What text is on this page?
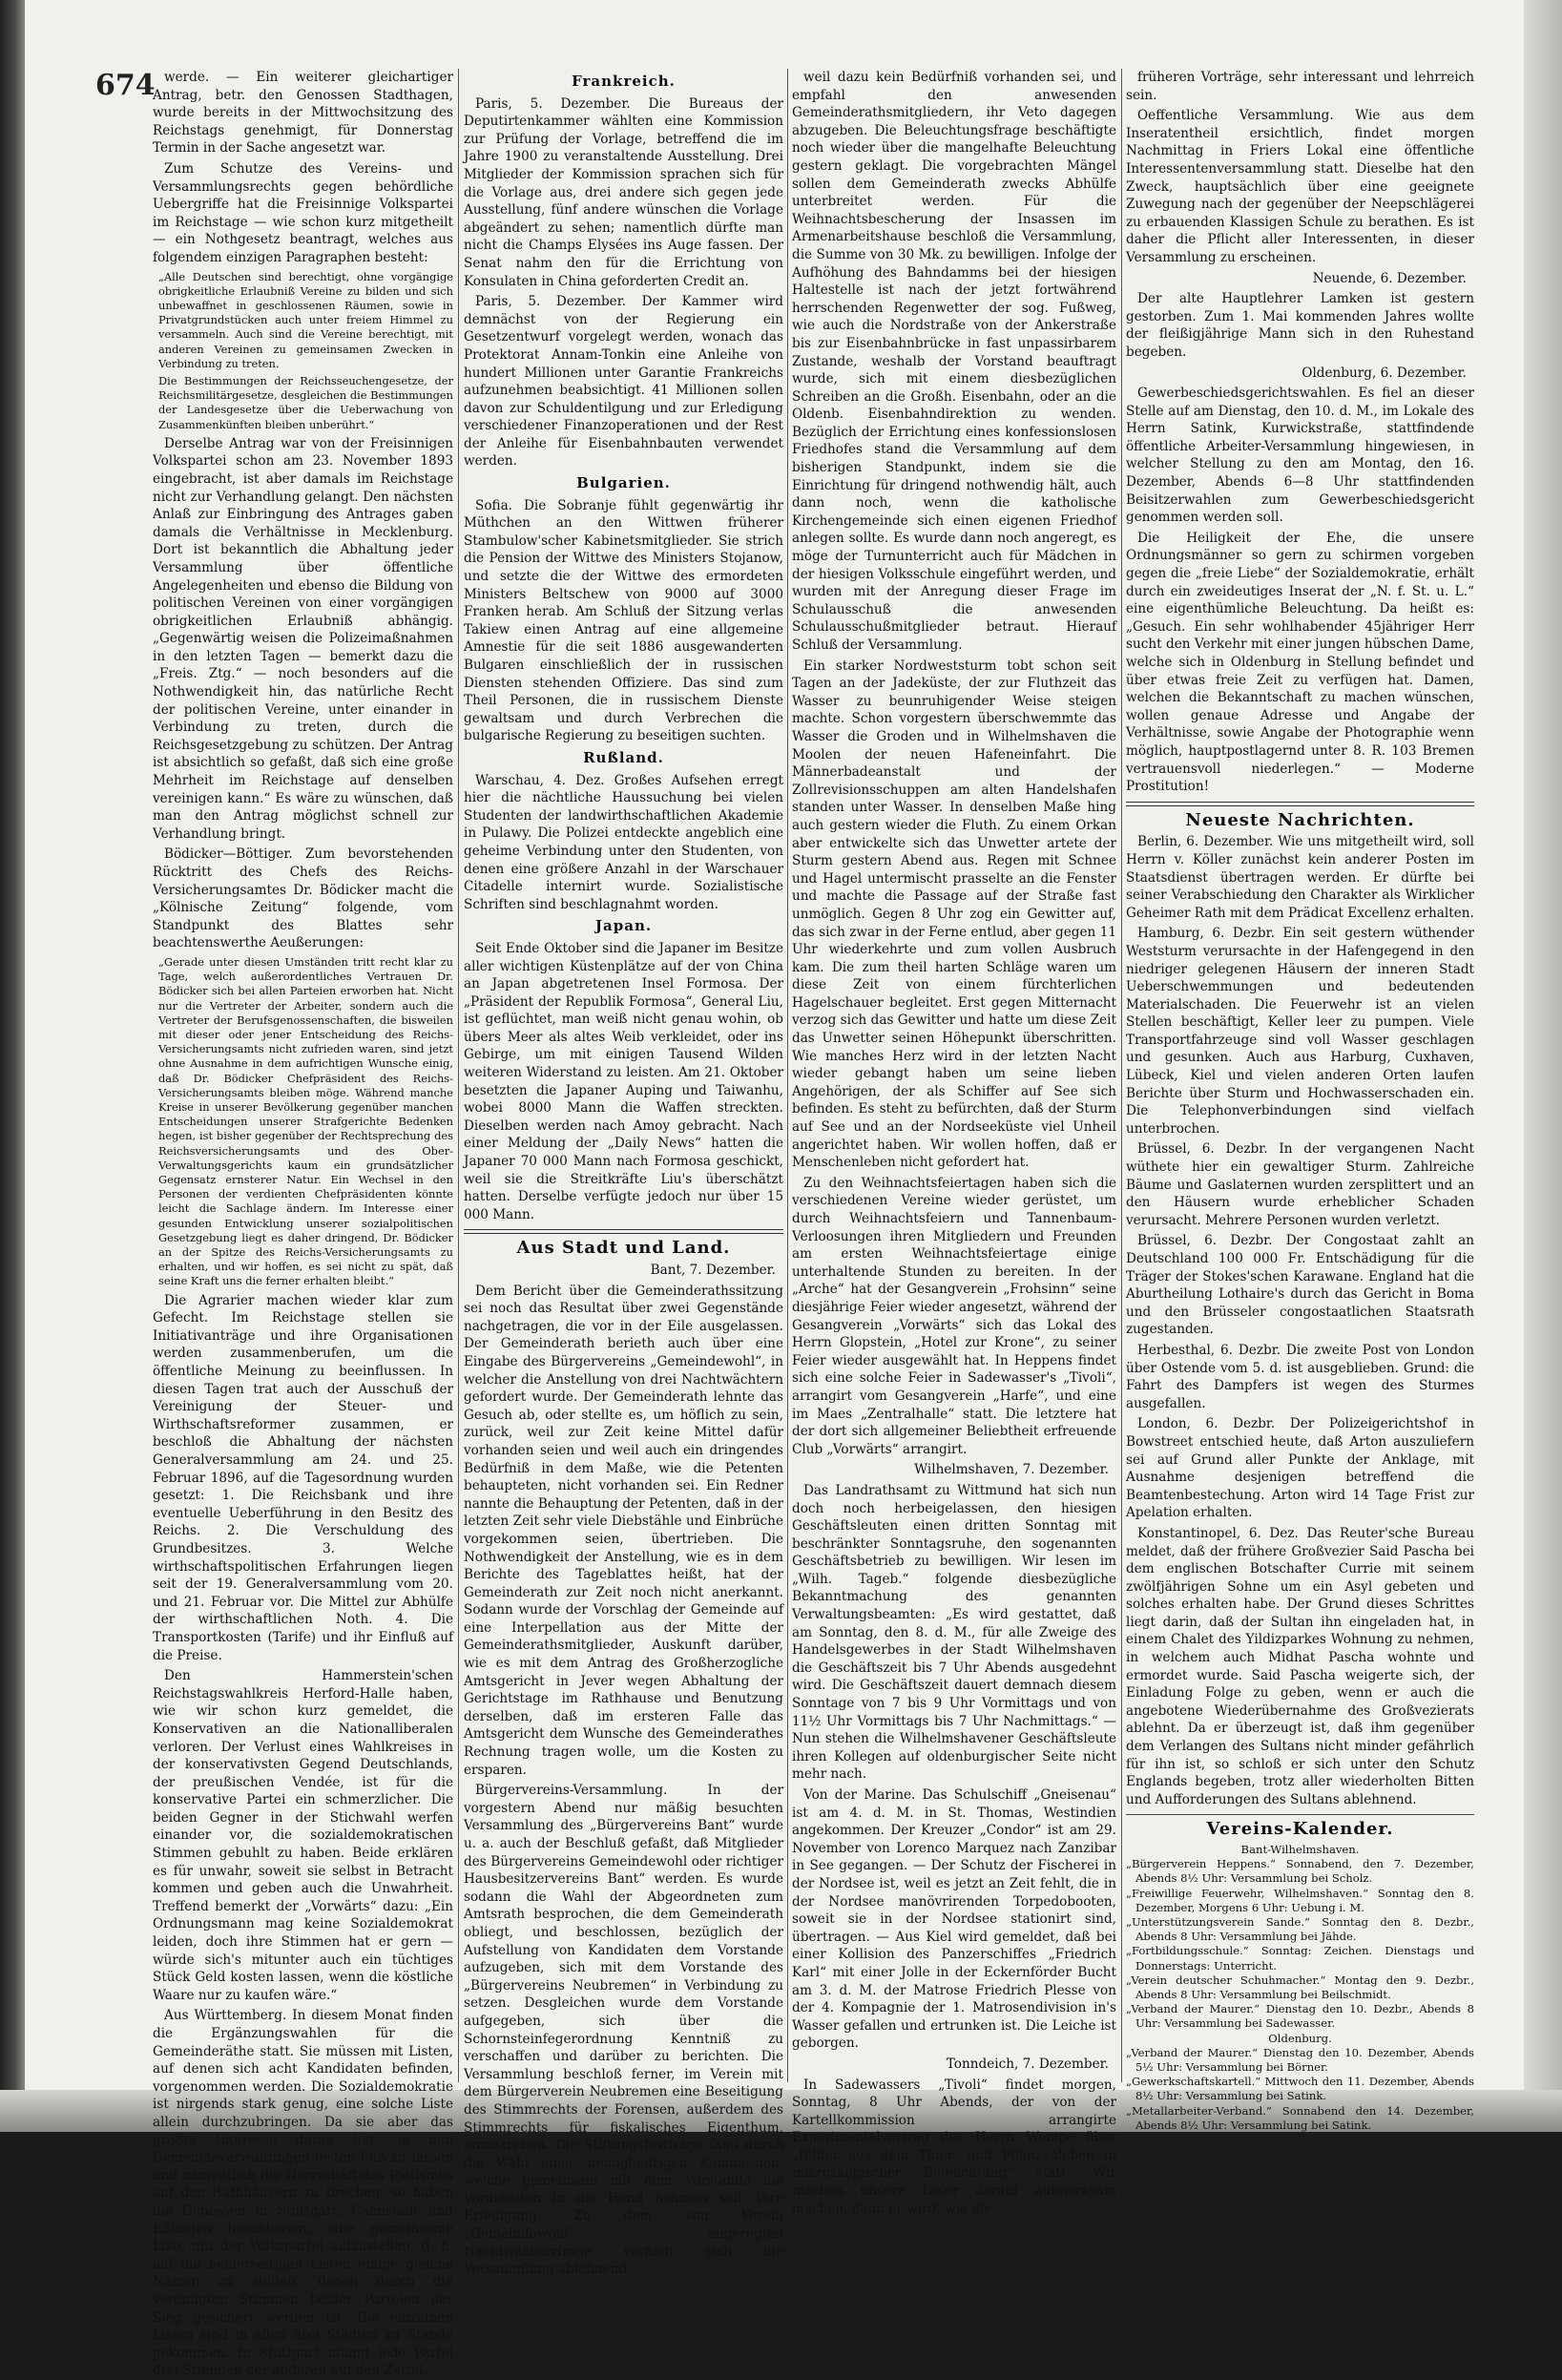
674 werde. — Ein weiterer gleichartiger Antrag, betr. den Genossen Stadthagen, wurde bereits in der Mittwochsitzung des Reichstags genehmigt, für Donnerstag Termin in der Sache angesetzt war.
Zum Schutze des Vereins- und Versammlungsrechts gegen behördliche Uebergriffe hat die Freisinnige Volkspartei im Reichstage — wie schon kurz mitgetheilt — ein Nothgesetz beantragt, welches aus folgendem einzigen Paragraphen besteht:
„Alle Deutschen sind berechtigt, ohne vorgängige obrigkeitliche Erlaubniß Vereine zu bilden und sich unbewaffnet in geschlossenen Räumen, sowie in Privatgrundstücken auch unter freiem Himmel zu versammeln. Auch sind die Vereine berechtigt, mit anderen Vereinen zu gemeinsamen Zwecken in Verbindung zu treten.
Die Bestimmungen der Reichsseuchengesetze, der Reichsmilitärgesetze, desgleichen die Bestimmungen der Landesgesetze über die Ueberwachung von Zusammenkünften bleiben unberührt.“
Derselbe Antrag war von der Freisinnigen Volkspartei schon am 23. November 1893 eingebracht, ist aber damals im Reichstage nicht zur Verhandlung gelangt. Den nächsten Anlaß zur Einbringung des Antrages gaben damals die Verhältnisse in Mecklenburg. Dort ist bekanntlich die Abhaltung jeder Versammlung über öffentliche Angelegenheiten und ebenso die Bildung von politischen Vereinen von einer vorgängigen obrigkeitlichen Erlaubniß abhängig. „Gegenwärtig weisen die Polizeimaßnahmen in den letzten Tagen — bemerkt dazu die „Freis. Ztg.“ — noch besonders auf die Nothwendigkeit hin, das natürliche Recht der politischen Vereine, unter einander in Verbindung zu treten, durch die Reichsgesetzgebung zu schützen. Der Antrag ist absichtlich so gefaßt, daß sich eine große Mehrheit im Reichstage auf denselben vereinigen kann.“ Es wäre zu wünschen, daß man den Antrag möglichst schnell zur Verhandlung bringt.
Bödicker—Böttiger. Zum bevorstehenden Rücktritt des Chefs des Reichs-Versicherungsamtes Dr. Bödicker macht die „Kölnische Zeitung“ folgende, vom Standpunkt des Blattes sehr beachtenswerthe Aeußerungen:
„Gerade unter diesen Umständen tritt recht klar zu Tage, welch außerordentliches Vertrauen Dr. Bödicker sich bei allen Parteien erworben hat. Nicht nur die Vertreter der Arbeiter, sondern auch die Vertreter der Berufsgenossenschaften, die bisweilen mit dieser oder jener Entscheidung des Reichs-Versicherungsamts nicht zufrieden waren, sind jetzt ohne Ausnahme in dem aufrichtigen Wunsche einig, daß Dr. Bödicker Chefpräsident des Reichs-Versicherungsamts bleiben möge. Während manche Kreise in unserer Bevölkerung gegenüber manchen Entscheidungen unserer Strafgerichte Bedenken hegen, ist bisher gegenüber der Rechtsprechung des Reichsversicherungsamts und des Ober-Verwaltungsgerichts kaum ein grundsätzlicher Gegensatz ernsterer Natur. Ein Wechsel in den Personen der verdienten Chefpräsidenten könnte leicht die Sachlage ändern. Im Interesse einer gesunden Entwicklung unserer sozialpolitischen Gesetzgebung liegt es daher dringend, Dr. Bödicker an der Spitze des Reichs-Versicherungsamts zu erhalten, und wir hoffen, es sei nicht zu spät, daß seine Kraft uns die ferner erhalten bleibt.“
Die Agrarier machen wieder klar zum Gefecht. Im Reichstage stellen sie Initiativanträge und ihre Organisationen werden zusammenberufen, um die öffentliche Meinung zu beeinflussen. In diesen Tagen trat auch der Ausschuß der Vereinigung der Steuer- und Wirthschaftsreformer zusammen, er beschloß die Abhaltung der nächsten Generalversammlung am 24. und 25. Februar 1896, auf die Tagesordnung wurden gesetzt: 1. Die Reichsbank und ihre eventuelle Ueberführung in den Besitz des Reichs. 2. Die Verschuldung des Grundbesitzes. 3. Welche wirthschaftspolitischen Erfahrungen liegen seit der 19. Generalversammlung vom 20. und 21. Februar vor. Die Mittel zur Abhülfe der wirthschaftlichen Noth. 4. Die Transportkosten (Tarife) und ihr Einfluß auf die Preise.
Den Hammerstein'schen Reichstagswahlkreis Herford-Halle haben, wie wir schon kurz gemeldet, die Konservativen an die Nationalliberalen verloren. Der Verlust eines Wahlkreises in der konservativsten Gegend Deutschlands, der preußischen Vendée, ist für die konservative Partei ein schmerzlicher. Die beiden Gegner in der Stichwahl werfen einander vor, die sozialdemokratischen Stimmen gebuhlt zu haben. Beide erklären es für unwahr, soweit sie selbst in Betracht kommen und geben auch die Unwahrheit. Treffend bemerkt der „Vorwärts“ dazu: „Ein Ordnungsmann mag keine Sozialdemokrat leiden, doch ihre Stimmen hat er gern — würde sich's mitunter auch ein tüchtiges Stück Geld kosten lassen, wenn die köstliche Waare nur zu kaufen wäre.“
Aus Württemberg. In diesem Monat finden die Ergänzungswahlen für die Gemeinderäthe statt. Sie müssen mit Listen, auf denen sich acht Kandidaten befinden, vorgenommen werden. Die Sozialdemokratie ist nirgends stark genug, eine solche Liste allein durchzubringen. Da sie aber das größte Interesse daran hat, in den Gemeindeverwaltungen festen Fuß zu fassen und namentlich die Herrschaft des Pietismus auf den Rathhäusern zu brechen, so haben die Genossen in Stuttgart, Cannstadt und Eßlingen beschlossen, eine gemeinsame Liste mit der Volkspartei aufzustellen, d. h. auf die beiderseitigen Listen einige gleiche Namen zu stellen, denen durch die vereinigten Stimmen beider Parteien der Sieg gesichert werden ist. Die einzelnen Listen sind in allen drei Städten zu Stande gekommen. In Stuttgart nimmt jede Partei drei Stimmen der anderen auf den Zettel.
Frankreich.
Paris, 5. Dezember. Die Bureaus der Deputirtenkammer wählten eine Kommission zur Prüfung der Vorlage, betreffend die im Jahre 1900 zu veranstaltende Ausstellung. Drei Mitglieder der Kommission sprachen sich für die Vorlage aus, drei andere sich gegen jede Ausstellung, fünf andere wünschen die Vorlage abgeändert zu sehen; namentlich dürfte man nicht die Champs Elysées ins Auge fassen. Der Senat nahm den für die Errichtung von Konsulaten in China geforderten Credit an.
Paris, 5. Dezember. Der Kammer wird demnächst von der Regierung ein Gesetzentwurf vorgelegt werden, wonach das Protektorat Annam-Tonkin eine Anleihe von hundert Millionen unter Garantie Frankreichs aufzunehmen beabsichtigt. 41 Millionen sollen davon zur Schuldentilgung und zur Erledigung verschiedener Finanzoperationen und der Rest der Anleihe für Eisenbahnbauten verwendet werden.
Bulgarien.
Sofia. Die Sobranje fühlt gegenwärtig ihr Müthchen an den Wittwen früherer Stambulow'scher Kabinetsmitglieder. Sie strich die Pension der Wittwe des Ministers Stojanow, und setzte die der Wittwe des ermordeten Ministers Beltschew von 9000 auf 3000 Franken herab. Am Schluß der Sitzung verlas Takiew einen Antrag auf eine allgemeine Amnestie für die seit 1886 ausgewanderten Bulgaren einschließlich der in russischen Diensten stehenden Offiziere. Das sind zum Theil Personen, die in russischem Dienste gewaltsam und durch Verbrechen die bulgarische Regierung zu beseitigen suchten.
Rußland.
Warschau, 4. Dez. Großes Aufsehen erregt hier die nächtliche Haussuchung bei vielen Studenten der landwirthschaftlichen Akademie in Pulawy. Die Polizei entdeckte angeblich eine geheime Verbindung unter den Studenten, von denen eine größere Anzahl in der Warschauer Citadelle internirt wurde. Sozialistische Schriften sind beschlagnahmt worden.
Japan.
Seit Ende Oktober sind die Japaner im Besitze aller wichtigen Küstenplätze auf der von China an Japan abgetretenen Insel Formosa. Der „Präsident der Republik Formosa“, General Liu, ist geflüchtet, man weiß nicht genau wohin, ob übers Meer als altes Weib verkleidet, oder ins Gebirge, um mit einigen Tausend Wilden weiteren Widerstand zu leisten. Am 21. Oktober besetzten die Japaner Auping und Taiwanhu, wobei 8000 Mann die Waffen streckten. Dieselben werden nach Amoy gebracht. Nach einer Meldung der „Daily News“ hatten die Japaner 70 000 Mann nach Formosa geschickt, weil sie die Streitkräfte Liu's überschätzt hatten. Derselbe verfügte jedoch nur über 15 000 Mann.
Aus Stadt und Land.
Bant, 7. Dezember.
Dem Bericht über die Gemeinderathssitzung sei noch das Resultat über zwei Gegenstände nachgetragen, die vor in der Eile ausgelassen. Der Gemeinderath berieth auch über eine Eingabe des Bürgervereins „Gemeindewohl“, in welcher die Anstellung von drei Nachtwächtern gefordert wurde. Der Gemeinderath lehnte das Gesuch ab, oder stellte es, um höflich zu sein, zurück, weil zur Zeit keine Mittel dafür vorhanden seien und weil auch ein dringendes Bedürfniß in dem Maße, wie die Petenten behaupteten, nicht vorhanden sei. Ein Redner nannte die Behauptung der Petenten, daß in der letzten Zeit sehr viele Diebstähle und Einbrüche vorgekommen seien, übertrieben. Die Nothwendigkeit der Anstellung, wie es in dem Berichte des Tageblattes heißt, hat der Gemeinderath zur Zeit noch nicht anerkannt. Sodann wurde der Vorschlag der Gemeinde auf eine Interpellation aus der Mitte der Gemeinderathsmitglieder, Auskunft darüber, wie es mit dem Antrag des Großherzogliche Amtsgericht in Jever wegen Abhaltung der Gerichtstage im Rathhause und Benutzung derselben, daß im ersteren Falle das Amtsgericht dem Wunsche des Gemeinderathes Rechnung tragen wolle, um die Kosten zu ersparen.
Bürgervereins-Versammlung. In der vorgestern Abend nur mäßig besuchten Versammlung des „Bürgervereins Bant“ wurde u. a. auch der Beschluß gefaßt, daß Mitglieder des Bürgervereins Gemeindewohl oder richtiger Hausbesitzervereins Bant“ werden. Es wurde sodann die Wahl der Abgeordneten zum Amtsrath besprochen, die dem Gemeinderath obliegt, und beschlossen, bezüglich der Aufstellung von Kandidaten dem Vorstande aufzugeben, sich mit dem Vorstande des „Bürgervereins Neubremen“ in Verbindung zu setzen. Desgleichen wurde dem Vorstande aufgegeben, sich über die Schornsteinfegerordnung Kenntniß zu verschaffen und darüber zu berichten. Die Versammlung beschloß ferner, im Verein mit dem Bürgerverein Neubremen eine Beseitigung des Stimmrechts der Forensen, außerdem des Stimmrechts für fiskalisches Eigenthum, anzustreben. Die Stiftungsfestfrage fand durch die Wahl einer neungliedrigen Kommission, welche gemeinsam mit dem Vorstande die Vorarbeiten in die Hand nehmen soll, ihre Erledigung. Zu dem von Verein „Gemeindewohl“ angeregten Nachtwächterfrage verhielt sich die Versammlung ablehnend.
weil dazu kein Bedürfniß vorhanden sei, und empfahl den anwesenden Gemeinderathsmitgliedern, ihr Veto dagegen abzugeben. Die Beleuchtungsfrage beschäftigte noch wieder über die mangelhafte Beleuchtung gestern geklagt. Die vorgebrachten Mängel sollen dem Gemeinderath zwecks Abhülfe unterbreitet werden. Für die Weihnachtsbescherung der Insassen im Armenarbeitshause beschloß die Versammlung, die Summe von 30 Mk. zu bewilligen. Infolge der Aufhöhung des Bahndamms bei der hiesigen Haltestelle ist nach der jetzt fortwährend herrschenden Regenwetter der sog. Fußweg, wie auch die Nordstraße von der Ankerstraße bis zur Eisenbahnbrücke in fast unpassirbarem Zustande, weshalb der Vorstand beauftragt wurde, sich mit einem diesbezüglichen Schreiben an die Großh. Eisenbahn, oder an die Oldenb. Eisenbahndirektion zu wenden. Bezüglich der Errichtung eines konfessionslosen Friedhofes stand die Versammlung auf dem bisherigen Standpunkt, indem sie die Einrichtung für dringend nothwendig hält, auch dann noch, wenn die katholische Kirchengemeinde sich einen eigenen Friedhof anlegen sollte. Es wurde dann noch angeregt, es möge der Turnunterricht auch für Mädchen in der hiesigen Volksschule eingeführt werden, und wurden mit der Anregung dieser Frage im Schulausschuß die anwesenden Schulausschußmitglieder betraut. Hierauf Schluß der Versammlung.
Ein starker Nordweststurm tobt schon seit Tagen an der Jadeküste, der zur Fluthzeit das Wasser zu beunruhigender Weise steigen machte. Schon vorgestern überschwemmte das Wasser die Groden und in Wilhelmshaven die Moolen der neuen Hafeneinfahrt. Die Männerbadeanstalt und der Zollrevisionsschuppen am alten Handelshafen standen unter Wasser. In denselben Maße hing auch gestern wieder die Fluth. Zu einem Orkan aber entwickelte sich das Unwetter artete der Sturm gestern Abend aus. Regen mit Schnee und Hagel untermischt prasselte an die Fenster und machte die Passage auf der Straße fast unmöglich. Gegen 8 Uhr zog ein Gewitter auf, das sich zwar in der Ferne entlud, aber gegen 11 Uhr wiederkehrte und zum vollen Ausbruch kam. Die zum theil harten Schläge waren um diese Zeit von einem fürchterlichen Hagelschauer begleitet. Erst gegen Mitternacht verzog sich das Gewitter und hatte um diese Zeit das Unwetter seinen Höhepunkt überschritten. Wie manches Herz wird in der letzten Nacht wieder gebangt haben um seine lieben Angehörigen, der als Schiffer auf See sich befinden. Es steht zu befürchten, daß der Sturm auf See und an der Nordseeküste viel Unheil angerichtet haben. Wir wollen hoffen, daß er Menschenleben nicht gefordert hat.
Zu den Weihnachtsfeiertagen haben sich die verschiedenen Vereine wieder gerüstet, um durch Weihnachtsfeiern und Tannenbaum-Verloosungen ihren Mitgliedern und Freunden am ersten Weihnachtsfeiertage einige unterhaltende Stunden zu bereiten. In der „Arche“ hat der Gesangverein „Frohsinn“ seine diesjährige Feier wieder angesetzt, während der Gesangverein „Vorwärts“ sich das Lokal des Herrn Glopstein, „Hotel zur Krone“, zu seiner Feier wieder ausgewählt hat. In Heppens findet sich eine solche Feier in Sadewasser's „Tivoli“, arrangirt vom Gesangverein „Harfe“, und eine im Maes „Zentralhalle“ statt. Die letztere hat der dort sich allgemeiner Beliebtheit erfreuende Club „Vorwärts“ arrangirt.
Wilhelmshaven, 7. Dezember.
Das Landrathsamt zu Wittmund hat sich nun doch noch herbeigelassen, den hiesigen Geschäftsleuten einen dritten Sonntag mit beschränkter Sonntagsruhe, den sogenannten Geschäftsbetrieb zu bewilligen. Wir lesen im „Wilh. Tageb.“ folgende diesbezügliche Bekanntmachung des genannten Verwaltungsbeamten: „Es wird gestattet, daß am Sonntag, den 8. d. M., für alle Zweige des Handelsgewerbes in der Stadt Wilhelmshaven die Geschäftszeit bis 7 Uhr Abends ausgedehnt wird. Die Geschäftszeit dauert demnach diesem Sonntage von 7 bis 9 Uhr Vormittags und von 11½ Uhr Vormittags bis 7 Uhr Nachmittags.“ — Nun stehen die Wilhelmshavener Geschäftsleute ihren Kollegen auf oldenburgischer Seite nicht mehr nach.
Von der Marine. Das Schulschiff „Gneisenau“ ist am 4. d. M. in St. Thomas, Westindien angekommen. Der Kreuzer „Condor“ ist am 29. November von Lorenco Marquez nach Zanzibar in See gegangen. — Der Schutz der Fischerei in der Nordsee ist, weil es jetzt an Zeit fehlt, die in der Nordsee manövrirenden Torpedobooten, soweit sie in der Nordsee stationirt sind, übertragen. — Aus Kiel wird gemeldet, daß bei einer Kollision des Panzerschiffes „Friedrich Karl“ mit einer Jolle in der Eckernförder Bucht am 3. d. M. der Matrose Friedrich Plesse von der 4. Kompagnie der 1. Matrosendivision in's Wasser gefallen und ertrunken ist. Die Leiche ist geborgen.
Tonndeich, 7. Dezember.
In Sadewassers „Tivoli“ findet morgen, Sonntag, 8 Uhr Abends, der von der Kartellkommission arrangirte Experimentalvortrag des Herrn Wempe über „Bilder aus dem Thier- und Pflanzenleben in mikroskopischer Beleuchtung“ statt. Wir machen unsere Leser darauf aufmerksam machen, denn er wird, wie die
früheren Vorträge, sehr interessant und lehrreich sein.
Oeffentliche Versammlung. Wie aus dem Inseratentheil ersichtlich, findet morgen Nachmittag in Friers Lokal eine öffentliche Interessentenversammlung statt. Dieselbe hat den Zweck, hauptsächlich über eine geeignete Zuwegung nach der gegenüber der Neepschlägerei zu erbauenden Klassigen Schule zu berathen. Es ist daher die Pflicht aller Interessenten, in dieser Versammlung zu erscheinen.
Neuende, 6. Dezember.
Der alte Hauptlehrer Lamken ist gestern gestorben. Zum 1. Mai kommenden Jahres wollte der fleißigjährige Mann sich in den Ruhestand begeben.
Oldenburg, 6. Dezember.
Gewerbeschiedsgerichtswahlen. Es fiel an dieser Stelle auf am Dienstag, den 10. d. M., im Lokale des Herrn Satink, Kurwickstraße, stattfindende öffentliche Arbeiter-Versammlung hingewiesen, in welcher Stellung zu den am Montag, den 16. Dezember, Abends 6—8 Uhr stattfindenden Beisitzerwahlen zum Gewerbeschiedsgericht genommen werden soll.
Die Heiligkeit der Ehe, die unsere Ordnungsmänner so gern zu schirmen vorgeben gegen die „freie Liebe“ der Sozialdemokratie, erhält durch ein zweideutiges Inserat der „N. f. St. u. L.“ eine eigenthümliche Beleuchtung. Da heißt es: „Gesuch. Ein sehr wohlhabender 45jähriger Herr sucht den Verkehr mit einer jungen hübschen Dame, welche sich in Oldenburg in Stellung befindet und über etwas freie Zeit zu verfügen hat. Damen, welchen die Bekanntschaft zu machen wünschen, wollen genaue Adresse und Angabe der Verhältnisse, sowie Angabe der Photographie wenn möglich, hauptpostlagernd unter 8. R. 103 Bremen vertrauensvoll niederlegen.“ — Moderne Prostitution!
Neueste Nachrichten.
Berlin, 6. Dezember. Wie uns mitgetheilt wird, soll Herrn v. Köller zunächst kein anderer Posten im Staatsdienst übertragen werden. Er dürfte bei seiner Verabschiedung den Charakter als Wirklicher Geheimer Rath mit dem Prädicat Excellenz erhalten.
Hamburg, 6. Dezbr. Ein seit gestern wüthender Weststurm verursachte in der Hafengegend in den niedriger gelegenen Häusern der inneren Stadt Ueberschwemmungen und bedeutenden Materialschaden. Die Feuerwehr ist an vielen Stellen beschäftigt, Keller leer zu pumpen. Viele Transportfahrzeuge sind voll Wasser geschlagen und gesunken. Auch aus Harburg, Cuxhaven, Lübeck, Kiel und vielen anderen Orten laufen Berichte über Sturm und Hochwasserschaden ein. Die Telephonverbindungen sind vielfach unterbrochen.
Brüssel, 6. Dezbr. In der vergangenen Nacht wüthete hier ein gewaltiger Sturm. Zahlreiche Bäume und Gaslaternen wurden zersplittert und an den Häusern wurde erheblicher Schaden verursacht. Mehrere Personen wurden verletzt.
Brüssel, 6. Dezbr. Der Congostaat zahlt an Deutschland 100 000 Fr. Entschädigung für die Träger der Stokes'schen Karawane. England hat die Aburtheilung Lothaire's durch das Gericht in Boma und den Brüsseler congostaatlichen Staatsrath zugestanden.
Herbesthal, 6. Dezbr. Die zweite Post von London über Ostende vom 5. d. ist ausgeblieben. Grund: die Fahrt des Dampfers ist wegen des Sturmes ausgefallen.
London, 6. Dezbr. Der Polizeigerichtshof in Bowstreet entschied heute, daß Arton auszuliefern sei auf Grund aller Punkte der Anklage, mit Ausnahme desjenigen betreffend die Beamtenbestechung. Arton wird 14 Tage Frist zur Apelation erhalten.
Konstantinopel, 6. Dez. Das Reuter'sche Bureau meldet, daß der frühere Großvezier Said Pascha bei dem englischen Botschafter Currie mit seinem zwölfjährigen Sohne um ein Asyl gebeten und solches erhalten habe. Der Grund dieses Schrittes liegt darin, daß der Sultan ihn eingeladen hat, in einem Chalet des Yildizparkes Wohnung zu nehmen, in welchem auch Midhat Pascha wohnte und ermordet wurde. Said Pascha weigerte sich, der Einladung Folge zu geben, wenn er auch die angebotene Wiederübernahme des Großvezierats ablehnt. Da er überzeugt ist, daß ihm gegenüber dem Verlangen des Sultans nicht minder gefährlich für ihn ist, so schloß er sich unter den Schutz Englands begeben, trotz aller wiederholten Bitten und Aufforderungen des Sultans ablehnend.
Vereins-Kalender.
Bant-Wilhelmshaven.
„Bürgerverein Heppens.“ Sonnabend, den 7. Dezember, Abends 8½ Uhr: Versammlung bei Scholz.
„Freiwillige Feuerwehr, Wilhelmshaven.“ Sonntag den 8. Dezember, Morgens 6 Uhr: Uebung i. M.
„Unterstützungsverein Sande.“ Sonntag den 8. Dezbr., Abends 8 Uhr: Versammlung bei Jähde.
„Fortbildungsschule.“ Sonntag: Zeichen. Dienstags und Donnerstags: Unterricht.
„Verein deutscher Schuhmacher.“ Montag den 9. Dezbr., Abends 8 Uhr: Versammlung bei Beilschmidt.
„Verband der Maurer.“ Dienstag den 10. Dezbr., Abends 8 Uhr: Versammlung bei Sadewasser.
Oldenburg.
„Verband der Maurer.“ Dienstag den 10. Dezember, Abends 5½ Uhr: Versammlung bei Börner.
„Gewerkschaftskartell.“ Mittwoch den 11. Dezember, Abends 8½ Uhr: Versammlung bei Satink.
„Metallarbeiter-Verband.“ Sonnabend den 14. Dezember, Abends 8½ Uhr: Versammlung bei Satink.
